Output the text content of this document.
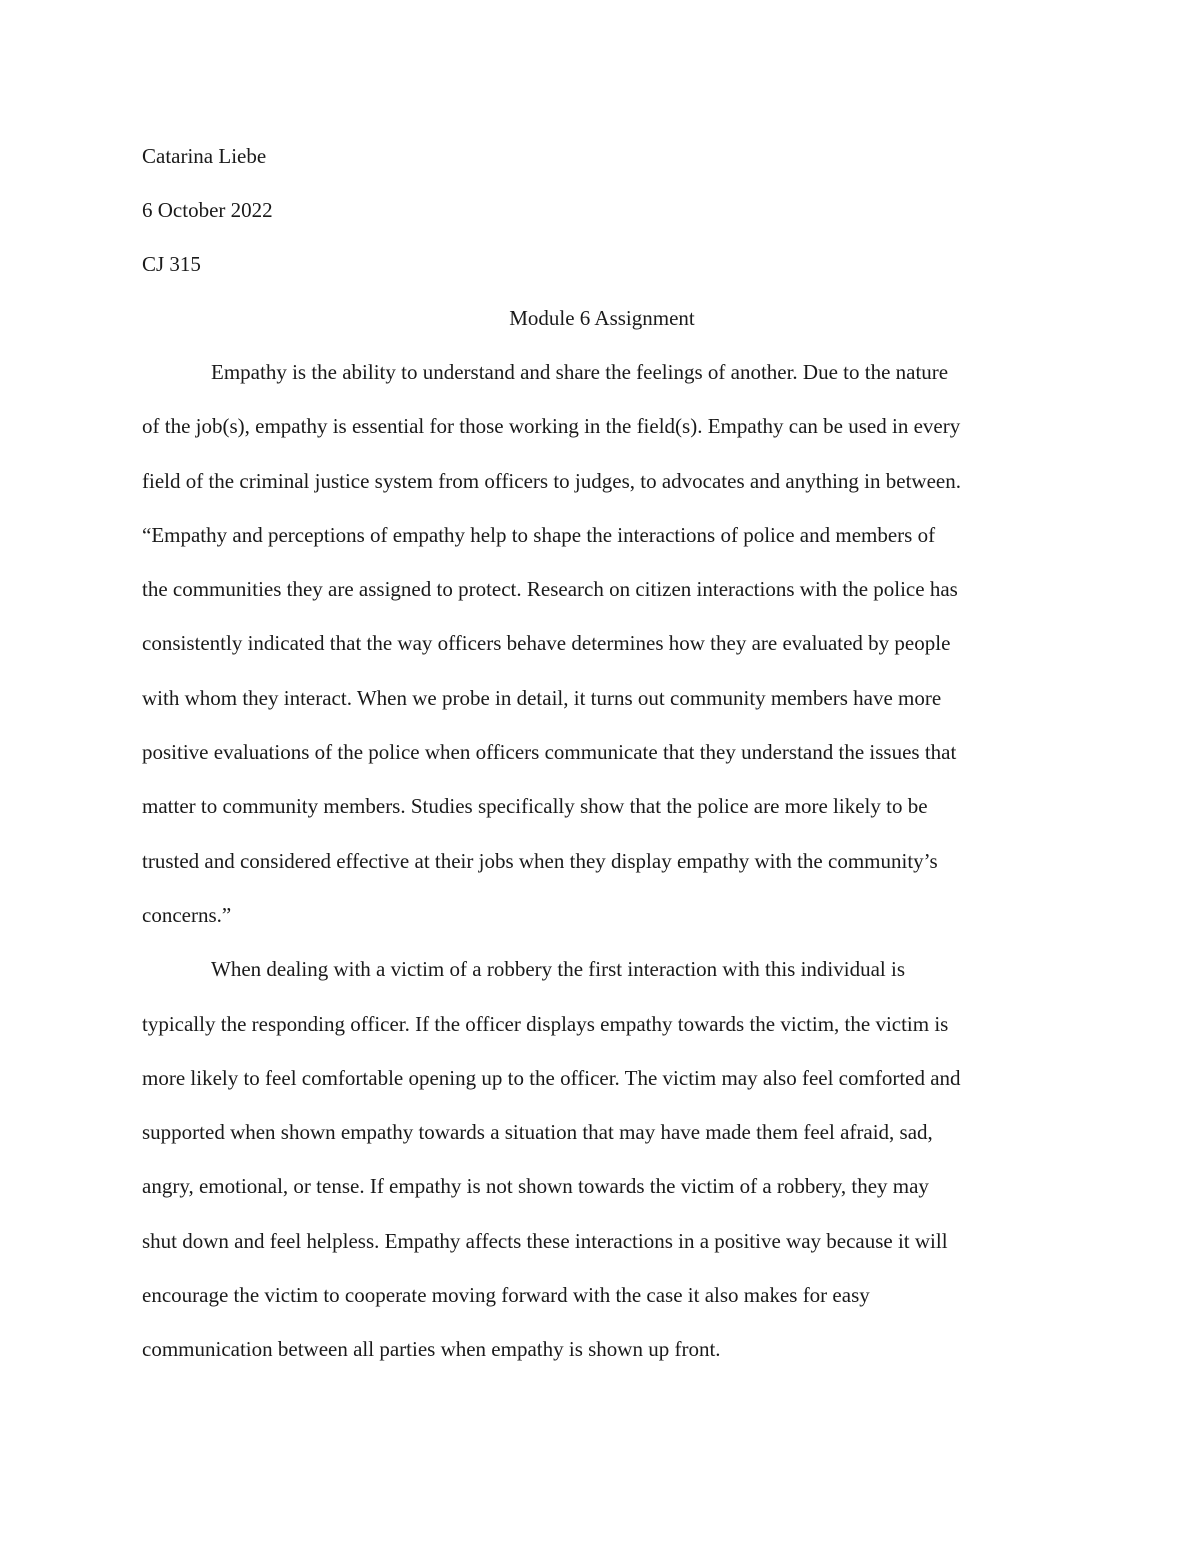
Catarina Liebe
6 October 2022
CJ 315
Module 6 Assignment
Empathy is the ability to understand and share the feelings of another. Due to the nature
of the job(s), empathy is essential for those working in the field(s). Empathy can be used in every
field of the criminal justice system from officers to judges, to advocates and anything in between.
“Empathy and perceptions of empathy help to shape the interactions of police and members of
the communities they are assigned to protect. Research on citizen interactions with the police has
consistently indicated that the way officers behave determines how they are evaluated by people
with whom they interact. When we probe in detail, it turns out community members have more
positive evaluations of the police when officers communicate that they understand the issues that
matter to community members. Studies specifically show that the police are more likely to be
trusted and considered effective at their jobs when they display empathy with the community’s
concerns.”
When dealing with a victim of a robbery the first interaction with this individual is
typically the responding officer. If the officer displays empathy towards the victim, the victim is
more likely to feel comfortable opening up to the officer. The victim may also feel comforted and
supported when shown empathy towards a situation that may have made them feel afraid, sad,
angry, emotional, or tense. If empathy is not shown towards the victim of a robbery, they may
shut down and feel helpless. Empathy affects these interactions in a positive way because it will
encourage the victim to cooperate moving forward with the case it also makes for easy
communication between all parties when empathy is shown up front.
